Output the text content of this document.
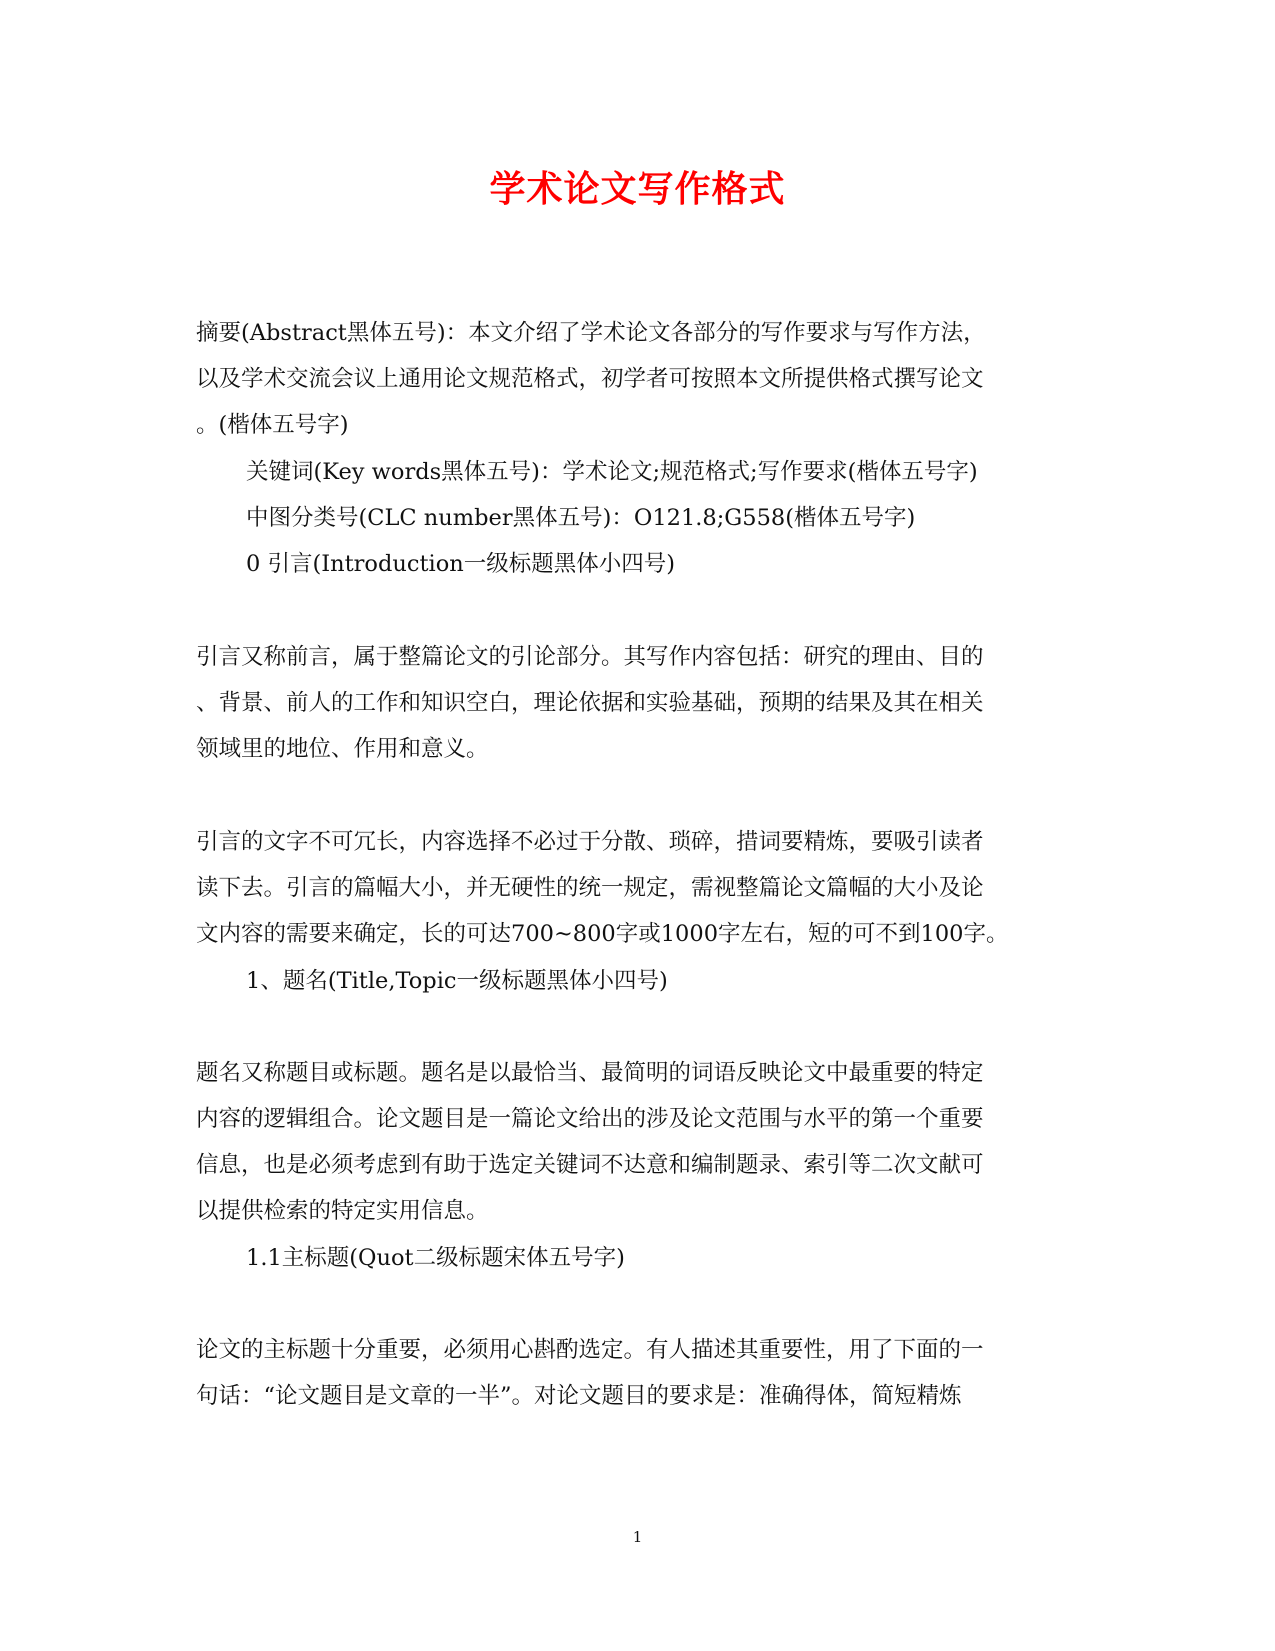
学术论文写作格式
摘要(Abstract黑体五号)：本文介绍了学术论文各部分的写作要求与写作方法，
以及学术交流会议上通用论文规范格式，初学者可按照本文所提供格式撰写论文
。(楷体五号字)
关键词(Key words黑体五号)：学术论文;规范格式;写作要求(楷体五号字)
中图分类号(CLC number黑体五号)：O121.8;G558(楷体五号字)
0 引言(Introduction一级标题黑体小四号)
引言又称前言，属于整篇论文的引论部分。其写作内容包括：研究的理由、目的
、背景、前人的工作和知识空白，理论依据和实验基础，预期的结果及其在相关
领域里的地位、作用和意义。
引言的文字不可冗长，内容选择不必过于分散、琐碎，措词要精炼，要吸引读者
读下去。引言的篇幅大小，并无硬性的统一规定，需视整篇论文篇幅的大小及论
文内容的需要来确定，长的可达700~800字或1000字左右，短的可不到100字。
1、题名(Title,Topic一级标题黑体小四号)
题名又称题目或标题。题名是以最恰当、最简明的词语反映论文中最重要的特定
内容的逻辑组合。论文题目是一篇论文给出的涉及论文范围与水平的第一个重要
信息，也是必须考虑到有助于选定关键词不达意和编制题录、索引等二次文献可
以提供检索的特定实用信息。
1.1主标题(Quot二级标题宋体五号字)
论文的主标题十分重要，必须用心斟酌选定。有人描述其重要性，用了下面的一
句话：“论文题目是文章的一半”。对论文题目的要求是：准确得体，简短精炼
1
